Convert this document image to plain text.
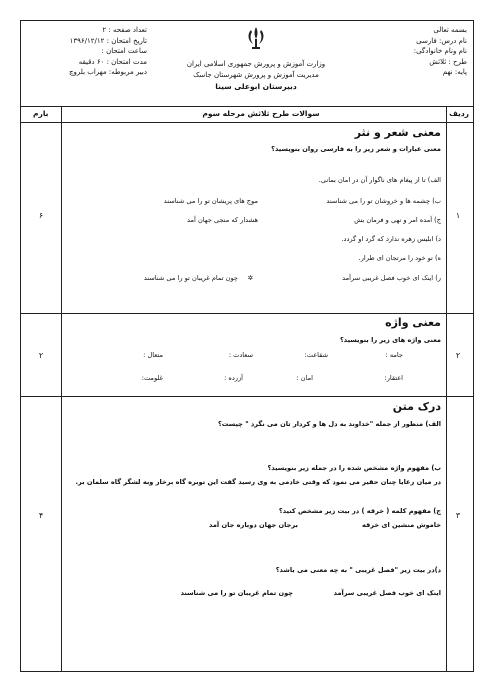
بسمه تعالی
نام درس: فارسی
نام ونام خانوادگی:
طرح : ثلاثش
پایه: نهم
وزارت آموزش و پرورش جمهوری اسلامی ایران
مدیریت آموزش و پرورش شهرستان جاسک
دبیرستان ابوعلی سینا
تعداد صفحه : ۲
تاریخ امتحان : ۱۳۹۶/۱۲/۱۲
ساعت امتحان :
مدت امتحان : ۶۰ دقیقه
دبیر مربوطه: مهراب بلروچ
ردیف
سوالات طرح ثلاثش مرحله سوم
بارم
۱
۶
معنی شعر و نثر
معنی عبارات و شعر زیر را به فارسی روان بنویسید؟
الف) تا از پیغام های ناگوار آن در امان بمانی.
ب) چشمه ها و خروشان تو را می شناسند
موج های پریشان تو را می شناسند
ج) آمده امر و نهی و فرمان بش
هشدار که منجی جهان آمد
د) ابلیس زهره ندارد که گرد او گردد.
ه) تو خود را مرتجان ای طرار.
ر) اینک ای خوب فصل غریبی سرآمد
✲
چون تمام غریبان تو را می شناسند
۲
۲
معنی واژه
معنی واژه های زیر را بنویسید؟
جامه :
شقاعت:
سعادت :
متعال :
اعتقار:
امان :
آزرده :
غلومت:
۳
۴
درک متن
الف) منظور از جمله "خداوند به دل ها و کردار تان می نگرد " چیست؟
ب) مفهوم واژه مشخص شده را در جمله زیر بنویسید؟
در میان رعایا چنان حقیر می نمود که وقتی خادمی به وی رسید گفت این توبره گاه برخار وبه لشگر گاه سلمان بر.
ج) مفهوم کلمه ( خرقه ) در بیت زیر مشخص کنید؟
خاموش منشین ای خرقه
برجان جهان دوباره جان آمد
د)در بیت زیر "فصل غریبی " به چه معنی می باشد؟
اینک ای خوب فصل غریبی سرآمد
چون تمام غریبان تو را می شناسند
